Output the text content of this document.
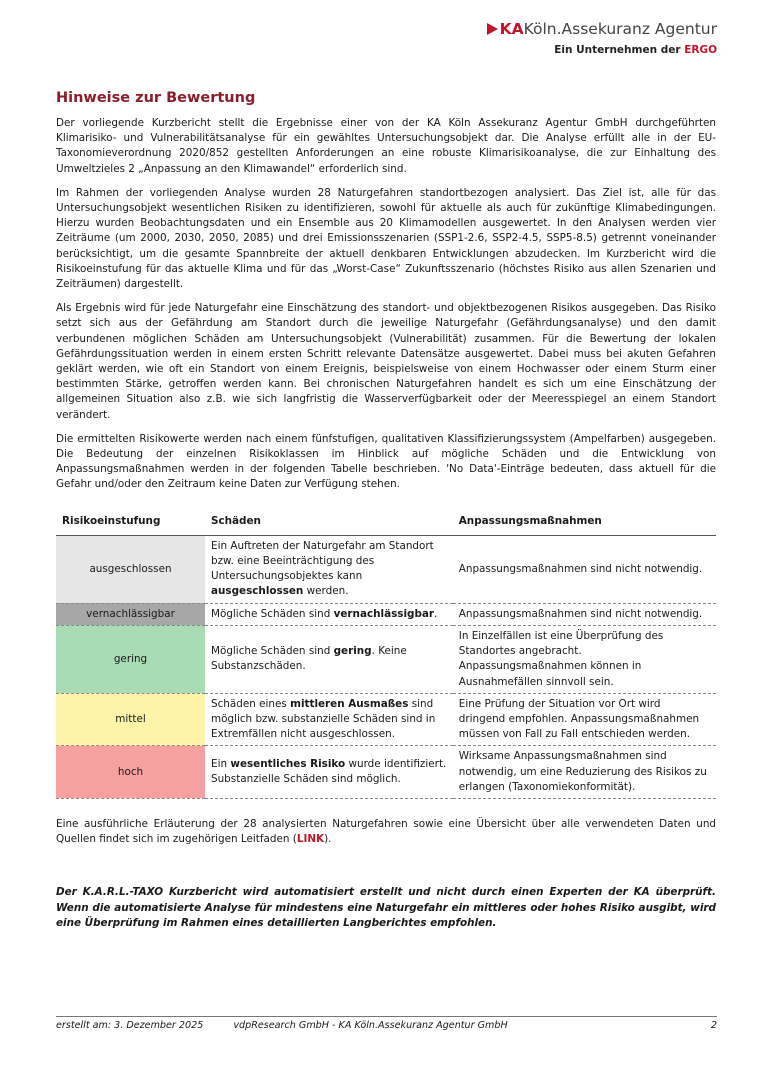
KAKöln.Assekuranz Agentur
Ein Unternehmen der ERGO
Hinweise zur Bewertung

Der vorliegende Kurzbericht stellt die Ergebnisse einer von der KA Köln Assekuranz Agentur GmbH durchgeführten Klimarisiko- und Vulnerabilitätsanalyse für ein gewähltes Untersuchungsobjekt dar. Die Analyse erfüllt alle in der EU-Taxonomieverordnung 2020/852 gestellten Anforderungen an eine robuste Klimarisikoanalyse, die zur Einhaltung des Umweltzieles 2 „Anpassung an den Klimawandel“ erforderlich sind.

Im Rahmen der vorliegenden Analyse wurden 28 Naturgefahren standortbezogen analysiert. Das Ziel ist, alle für das Untersuchungsobjekt wesentlichen Risiken zu identifizieren, sowohl für aktuelle als auch für zukünftige Klimabedingungen. Hierzu wurden Beobachtungsdaten und ein Ensemble aus 20 Klimamodellen ausgewertet. In den Analysen werden vier Zeiträume (um 2000, 2030, 2050, 2085) und drei Emissionsszenarien (SSP1-2.6, SSP2-4.5, SSP5-8.5) getrennt voneinander berücksichtigt, um die gesamte Spannbreite der aktuell denkbaren Entwicklungen abzudecken. Im Kurzbericht wird die Risikoeinstufung für das aktuelle Klima und für das „Worst-Case“ Zukunftsszenario (höchstes Risiko aus allen Szenarien und Zeiträumen) dargestellt.

Als Ergebnis wird für jede Naturgefahr eine Einschätzung des standort- und objektbezogenen Risikos ausgegeben. Das Risiko setzt sich aus der Gefährdung am Standort durch die jeweilige Naturgefahr (Gefährdungsanalyse) und den damit verbundenen möglichen Schäden am Untersuchungsobjekt (Vulnerabilität) zusammen. Für die Bewertung der lokalen Gefährdungssituation werden in einem ersten Schritt relevante Datensätze ausgewertet. Dabei muss bei akuten Gefahren geklärt werden, wie oft ein Standort von einem Ereignis, beispielsweise von einem Hochwasser oder einem Sturm einer bestimmten Stärke, getroffen werden kann. Bei chronischen Naturgefahren handelt es sich um eine Einschätzung der allgemeinen Situation also z.B. wie sich langfristig die Wasserverfügbarkeit oder der Meeresspiegel an einem Standort verändert.

Die ermittelten Risikowerte werden nach einem fünfstufigen, qualitativen Klassifizierungssystem (Ampelfarben) ausgegeben. Die Bedeutung der einzelnen Risikoklassen im Hinblick auf mögliche Schäden und die Entwicklung von Anpassungsmaßnahmen werden in der folgenden Tabelle beschrieben. 'No Data'-Einträge bedeuten, dass aktuell für die Gefahr und/oder den Zeitraum keine Daten zur Verfügung stehen.

Risikoeinstufung	Schäden	Anpassungsmaßnahmen
ausgeschlossen	Ein Auftreten der Naturgefahr am Standort bzw. eine Beeinträchtigung des Untersuchungsobjektes kann ausgeschlossen werden.	Anpassungsmaßnahmen sind nicht notwendig.
vernachlässigbar	Mögliche Schäden sind vernachlässigbar.	Anpassungsmaßnahmen sind nicht notwendig.
gering	Mögliche Schäden sind gering. Keine Substanzschäden.	In Einzelfällen ist eine Überprüfung des Standortes angebracht. Anpassungsmaßnahmen können in Ausnahmefällen sinnvoll sein.
mittel	Schäden eines mittleren Ausmaßes sind möglich bzw. substanzielle Schäden sind in Extremfällen nicht ausgeschlossen.	Eine Prüfung der Situation vor Ort wird dringend empfohlen. Anpassungsmaßnahmen müssen von Fall zu Fall entschieden werden.
hoch	Ein wesentliches Risiko wurde identifiziert. Substanzielle Schäden sind möglich.	Wirksame Anpassungsmaßnahmen sind notwendig, um eine Reduzierung des Risikos zu erlangen (Taxonomiekonformität).

Eine ausführliche Erläuterung der 28 analysierten Naturgefahren sowie eine Übersicht über alle verwendeten Daten und Quellen findet sich im zugehörigen Leitfaden (LINK).

Der K.A.R.L.-TAXO Kurzbericht wird automatisiert erstellt und nicht durch einen Experten der KA überprüft. Wenn die automatisierte Analyse für mindestens eine Naturgefahr ein mittleres oder hohes Risiko ausgibt, wird eine Überprüfung im Rahmen eines detaillierten Langberichtes empfohlen.

erstellt am: 3. Dezember 2025	vdpResearch GmbH - KA Köln.Assekuranz Agentur GmbH	2
